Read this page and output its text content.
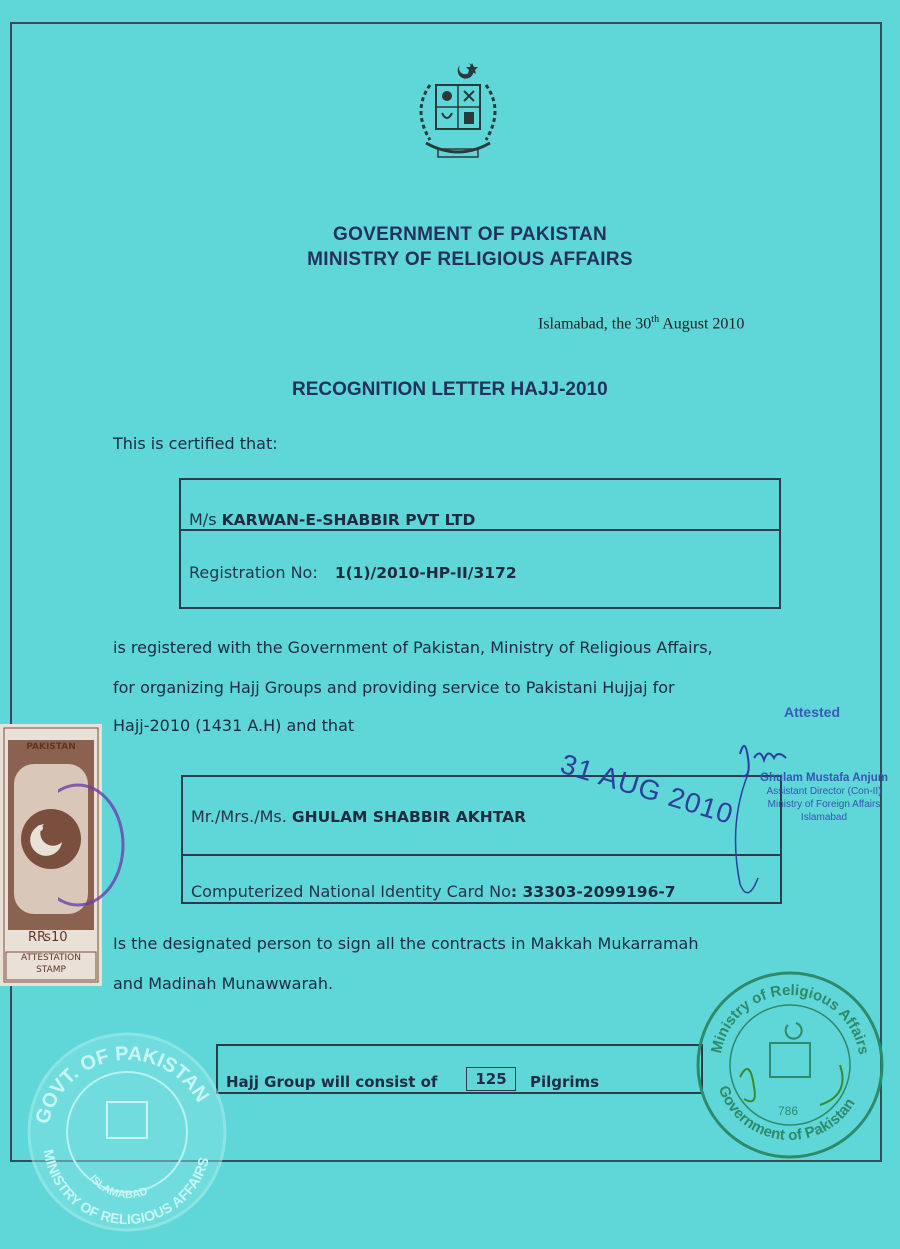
GOVERNMENT OF PAKISTAN
MINISTRY OF RELIGIOUS AFFAIRS
Islamabad, the 30th August 2010
RECOGNITION LETTER HAJJ-2010
This is certified that:
M/s KARWAN-E-SHABBIR PVT LTD
Registration No: 1(1)/2010-HP-II/3172
is registered with the Government of Pakistan, Ministry of Religious Affairs,
for organizing Hajj Groups and providing service to Pakistani Hujjaj for
Hajj-2010 (1431 A.H) and that
Mr./Mrs./Ms. GHULAM SHABBIR AKHTAR
Computerized National Identity Card No: 33303-2099196-7
Is the designated person to sign all the contracts in Makkah Mukarramah
and Madinah Munawwarah.
Hajj Group will consist of	125	Pilgrims
PAKISTAN
R₨10
ATTESTATION
STAMP
Attested
31 AUG 2010	Ghulam Mustafa Anjum
Assistant Director (Con-II)
Ministry of Foreign Affairs
Islamabad
Ministry of Religious Affairs
Government of Pakistan
786
GOVT. OF PAKISTAN
MINISTRY OF RELIGIOUS AFFAIRS
ISLAMABAD
